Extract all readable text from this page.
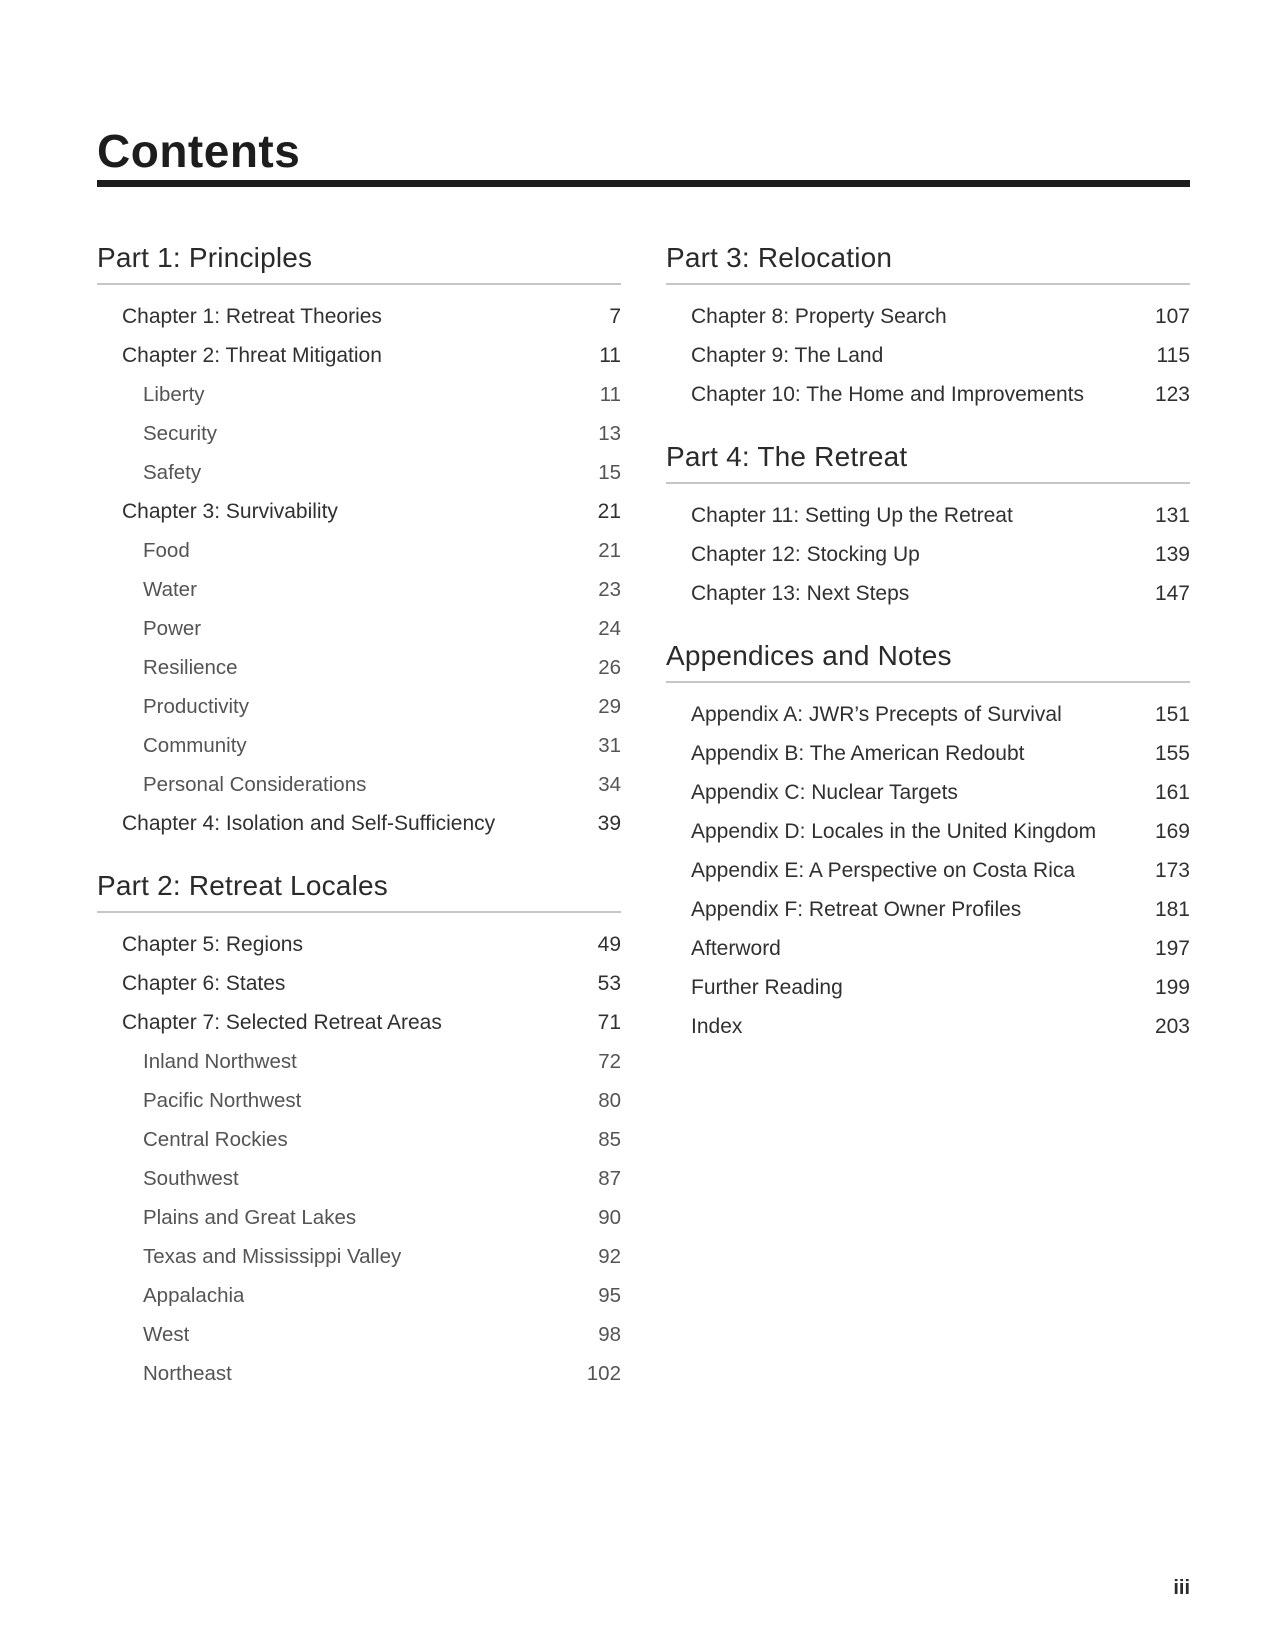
Contents
Part 1: Principles
Chapter 1: Retreat Theories	7
Chapter 2: Threat Mitigation	11
Liberty	11
Security	13
Safety	15
Chapter 3: Survivability	21
Food	21
Water	23
Power	24
Resilience	26
Productivity	29
Community	31
Personal Considerations	34
Chapter 4: Isolation and Self-Sufficiency	39
Part 2: Retreat Locales
Chapter 5: Regions	49
Chapter 6: States	53
Chapter 7: Selected Retreat Areas	71
Inland Northwest	72
Pacific Northwest	80
Central Rockies	85
Southwest	87
Plains and Great Lakes	90
Texas and Mississippi Valley	92
Appalachia	95
West	98
Northeast	102
Part 3: Relocation
Chapter 8: Property Search	107
Chapter 9: The Land	115
Chapter 10: The Home and Improvements	123
Part 4: The Retreat
Chapter 11: Setting Up the Retreat	131
Chapter 12: Stocking Up	139
Chapter 13: Next Steps	147
Appendices and Notes
Appendix A: JWR’s Precepts of Survival	151
Appendix B: The American Redoubt	155
Appendix C: Nuclear Targets	161
Appendix D: Locales in the United Kingdom	169
Appendix E: A Perspective on Costa Rica	173
Appendix F: Retreat Owner Profiles	181
Afterword	197
Further Reading	199
Index	203
iii
